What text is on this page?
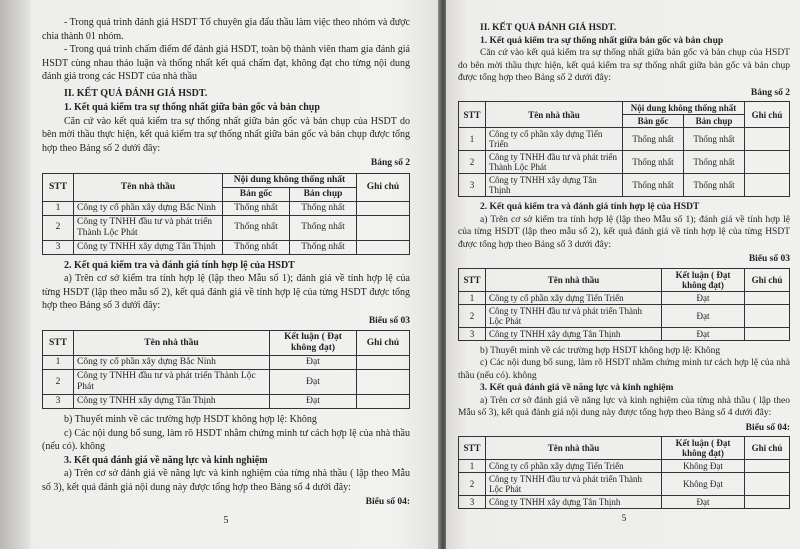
- Trong quá trình đánh giá HSDT Tổ chuyên gia đấu thầu làm việc theo nhóm và được chia thành 01 nhóm.

- Trong quá trình chấm điểm để đánh giá HSDT, toàn bộ thành viên tham gia đánh giá HSDT cùng nhau thảo luận và thống nhất kết quả chấm đạt, không đạt cho từng nội dung đánh giá trong các HSDT của nhà thầu

II. KẾT QUẢ ĐÁNH GIÁ HSDT.

1. Kết quả kiểm tra sự thống nhất giữa bản gốc và bản chụp

Căn cứ vào kết quả kiểm tra sự thống nhất giữa bản gốc và bản chụp của HSDT do bên mời thầu thực hiện, kết quả kiểm tra sự thống nhất giữa bản gốc và bản chụp được tổng hợp theo Bảng số 2 dưới đây:

Bảng số 2

STT	Tên nhà thầu	Nội dung không thống nhất		Ghi chú
		Bản gốc	Bản chụp	
1	Công ty cổ phần xây dựng Bắc Ninh	Thống nhất	Thống nhất	
2	Công ty TNHH đầu tư và phát triển Thành Lộc Phát	Thống nhất	Thống nhất	
3	Công ty TNHH xây dựng Tân Thịnh	Thống nhất	Thống nhất	

2. Kết quả kiểm tra và đánh giá tính hợp lệ của HSDT

a) Trên cơ sở kiểm tra tính hợp lệ (lập theo Mẫu số 1); đánh giá về tính hợp lệ của từng HSDT (lập theo mẫu số 2), kết quả đánh giá về tính hợp lệ của từng HSDT được tổng hợp theo Bảng số 3 dưới đây:

Biểu số 03

STT	Tên nhà thầu	Kết luận ( Đạt không đạt)	Ghi chú
1	Công ty cổ phần xây dựng Bắc Ninh	Đạt	
2	Công ty TNHH đầu tư và phát triển Thành Lộc Phát	Đạt	
3	Công ty TNHH xây dựng Tân Thịnh	Đạt	

b) Thuyết minh về các trường hợp HSDT không hợp lệ: Không

c) Các nội dung bổ sung, làm rõ HSDT nhằm chứng minh tư cách hợp lệ của nhà thầu (nếu có). không

3. Kết quả đánh giá về năng lực và kinh nghiệm

a) Trên cơ sở đánh giá về năng lực và kinh nghiệm của từng nhà thầu ( lập theo Mẫu số 3), kết quả đánh giá nội dung này được tổng hợp theo Bảng số 4 dưới đây:

Biểu số 04:

5

II. KẾT QUẢ ĐÁNH GIÁ HSDT.

1. Kết quả kiểm tra sự thống nhất giữa bản gốc và bản chụp

Căn cứ vào kết quả kiểm tra sự thống nhất giữa bản gốc và bản chụp của HSDT do bên mời thầu thực hiện, kết quả kiểm tra sự thống nhất giữa bản gốc và bản chụp được tổng hợp theo Bảng số 2 dưới đây:

Bảng số 2

STT	Tên nhà thầu	Nội dung không thống nhất		Ghi chú
		Bản gốc	Bản chụp	
1	Công ty cổ phần xây dựng Tiến Triển	Thống nhất	Thống nhất	
2	Công ty TNHH đầu tư và phát triển Thành Lộc Phát	Thống nhất	Thống nhất	
3	Công ty TNHH xây dựng Tân Thịnh	Thống nhất	Thống nhất	

2. Kết quả kiểm tra và đánh giá tính hợp lệ của HSDT

a) Trên cơ sở kiểm tra tính hợp lệ (lập theo Mẫu số 1); đánh giá về tính hợp lệ của từng HSDT (lập theo mẫu số 2), kết quả đánh giá về tính hợp lệ của từng HSDT được tổng hợp theo Bảng số 3 dưới đây:

Biểu số 03

STT	Tên nhà thầu	Kết luận ( Đạt không đạt)	Ghi chú
1	Công ty cổ phần xây dựng Tiến Triển	Đạt	
2	Công ty TNHH đầu tư và phát triển Thành Lộc Phát	Đạt	
3	Công ty TNHH xây dựng Tân Thịnh	Đạt	

b) Thuyết minh về các trường hợp HSDT không hợp lệ: Không

c) Các nội dung bổ sung, làm rõ HSDT nhằm chứng minh tư cách hợp lệ của nhà thầu (nếu có). không

3. Kết quả đánh giá về năng lực và kinh nghiệm

a) Trên cơ sở đánh giá về năng lực và kinh nghiệm của từng nhà thầu ( lập theo Mẫu số 3), kết quả đánh giá nội dung này được tổng hợp theo Bảng số 4 dưới đây:

Biểu số 04:

STT	Tên nhà thầu	Kết luận ( Đạt không đạt)	Ghi chú
1	Công ty cổ phần xây dựng Tiến Triển	Không Đạt	
2	Công ty TNHH đầu tư và phát triển Thành Lộc Phát	Không Đạt	
3	Công ty TNHH xây dựng Tân Thịnh	Đạt	

5
